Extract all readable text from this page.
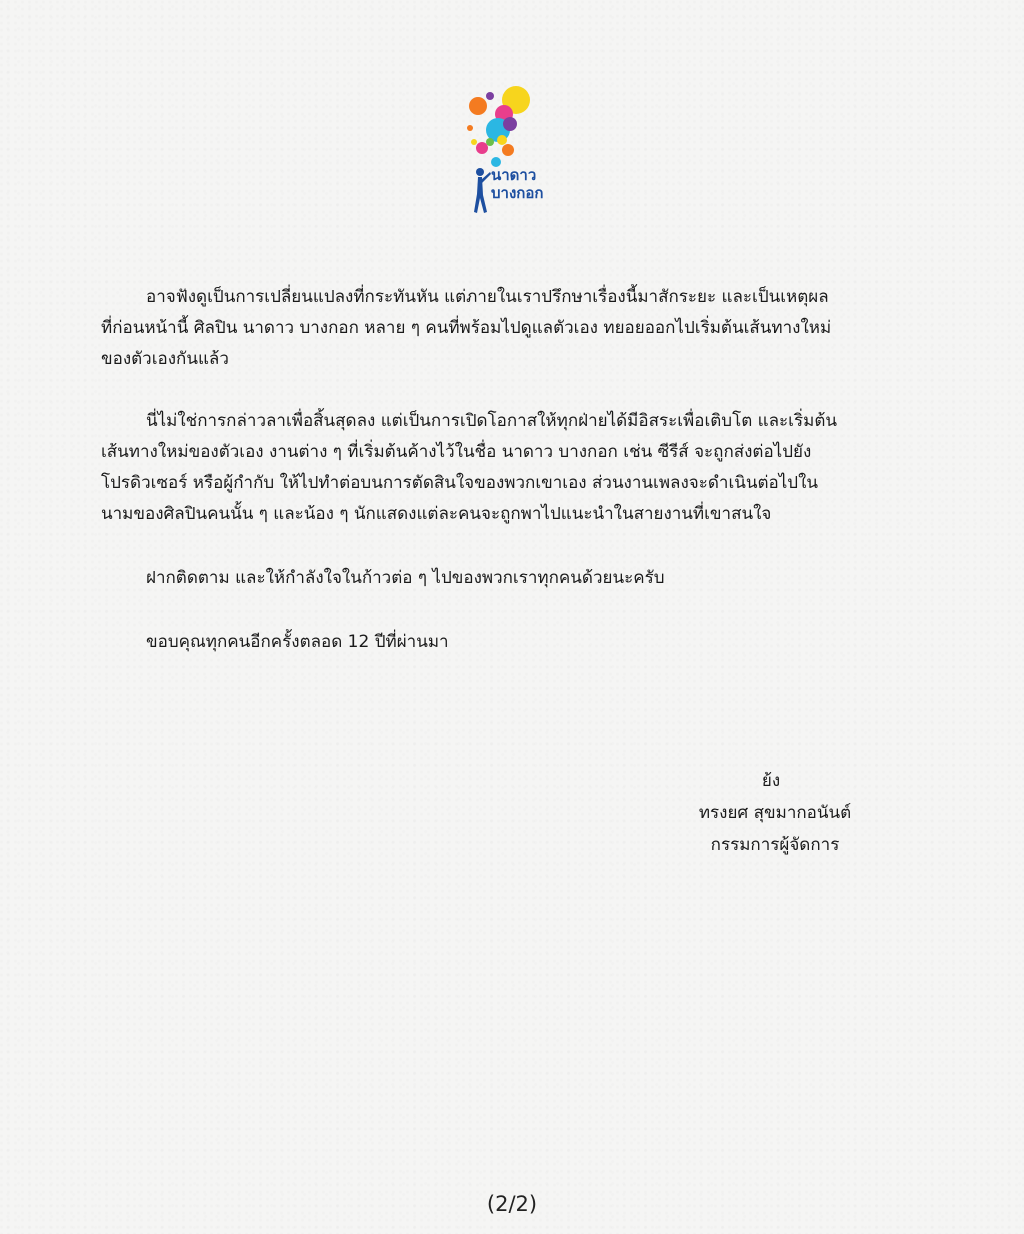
นาดาว
บางกอก
อาจฟังดูเป็นการเปลี่ยนแปลงที่กระทันหัน แต่ภายในเราปรึกษาเรื่องนี้มาสักระยะ และเป็นเหตุผล
ที่ก่อนหน้านี้ ศิลปิน นาดาว บางกอก หลาย ๆ คนที่พร้อมไปดูแลตัวเอง ทยอยออกไปเริ่มต้นเส้นทางใหม่
ของตัวเองกันแล้ว
นี่ไม่ใช่การกล่าวลาเพื่อสิ้นสุดลง แต่เป็นการเปิดโอกาสให้ทุกฝ่ายได้มีอิสระเพื่อเติบโต และเริ่มต้น
เส้นทางใหม่ของตัวเอง งานต่าง ๆ ที่เริ่มต้นค้างไว้ในชื่อ นาดาว บางกอก เช่น ซีรีส์ จะถูกส่งต่อไปยัง
โปรดิวเซอร์ หรือผู้กำกับ ให้ไปทำต่อบนการตัดสินใจของพวกเขาเอง ส่วนงานเพลงจะดำเนินต่อไปใน
นามของศิลปินคนนั้น ๆ และน้อง ๆ นักแสดงแต่ละคนจะถูกพาไปแนะนำในสายงานที่เขาสนใจ
ฝากติดตาม และให้กำลังใจในก้าวต่อ ๆ ไปของพวกเราทุกคนด้วยนะครับ
ขอบคุณทุกคนอีกครั้งตลอด 12 ปีที่ผ่านมา
ย้ง
ทรงยศ สุขมากอนันต์
กรรมการผู้จัดการ
(2/2)
